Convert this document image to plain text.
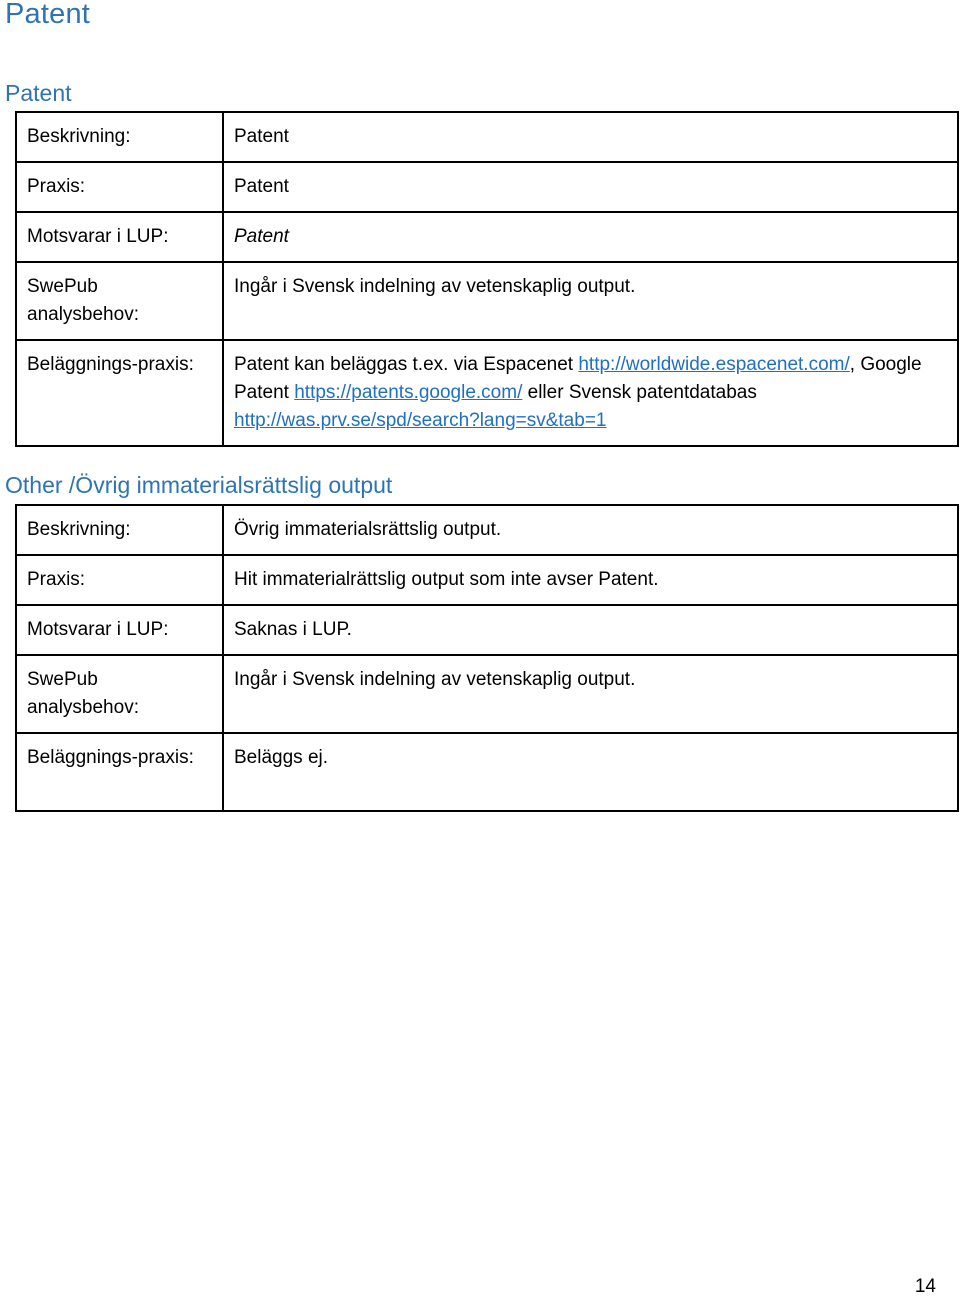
Patent
Patent
Beskrivning:	Patent
Praxis:	Patent
Motsvarar i LUP:	Patent
SwePub analysbehov:	Ingår i Svensk indelning av vetenskaplig output.
Beläggnings-praxis:	Patent kan beläggas t.ex. via Espacenet http://worldwide.espacenet.com/, Google Patent https://patents.google.com/ eller Svensk patentdatabas http://was.prv.se/spd/search?lang=sv&tab=1
Other /Övrig immaterialsrättslig output
Beskrivning:	Övrig immaterialsrättslig output.
Praxis:	Hit immaterialrättslig output som inte avser Patent.
Motsvarar i LUP:	Saknas i LUP.
SwePub analysbehov:	Ingår i Svensk indelning av vetenskaplig output.
Beläggnings-praxis:	Beläggs ej.
14
